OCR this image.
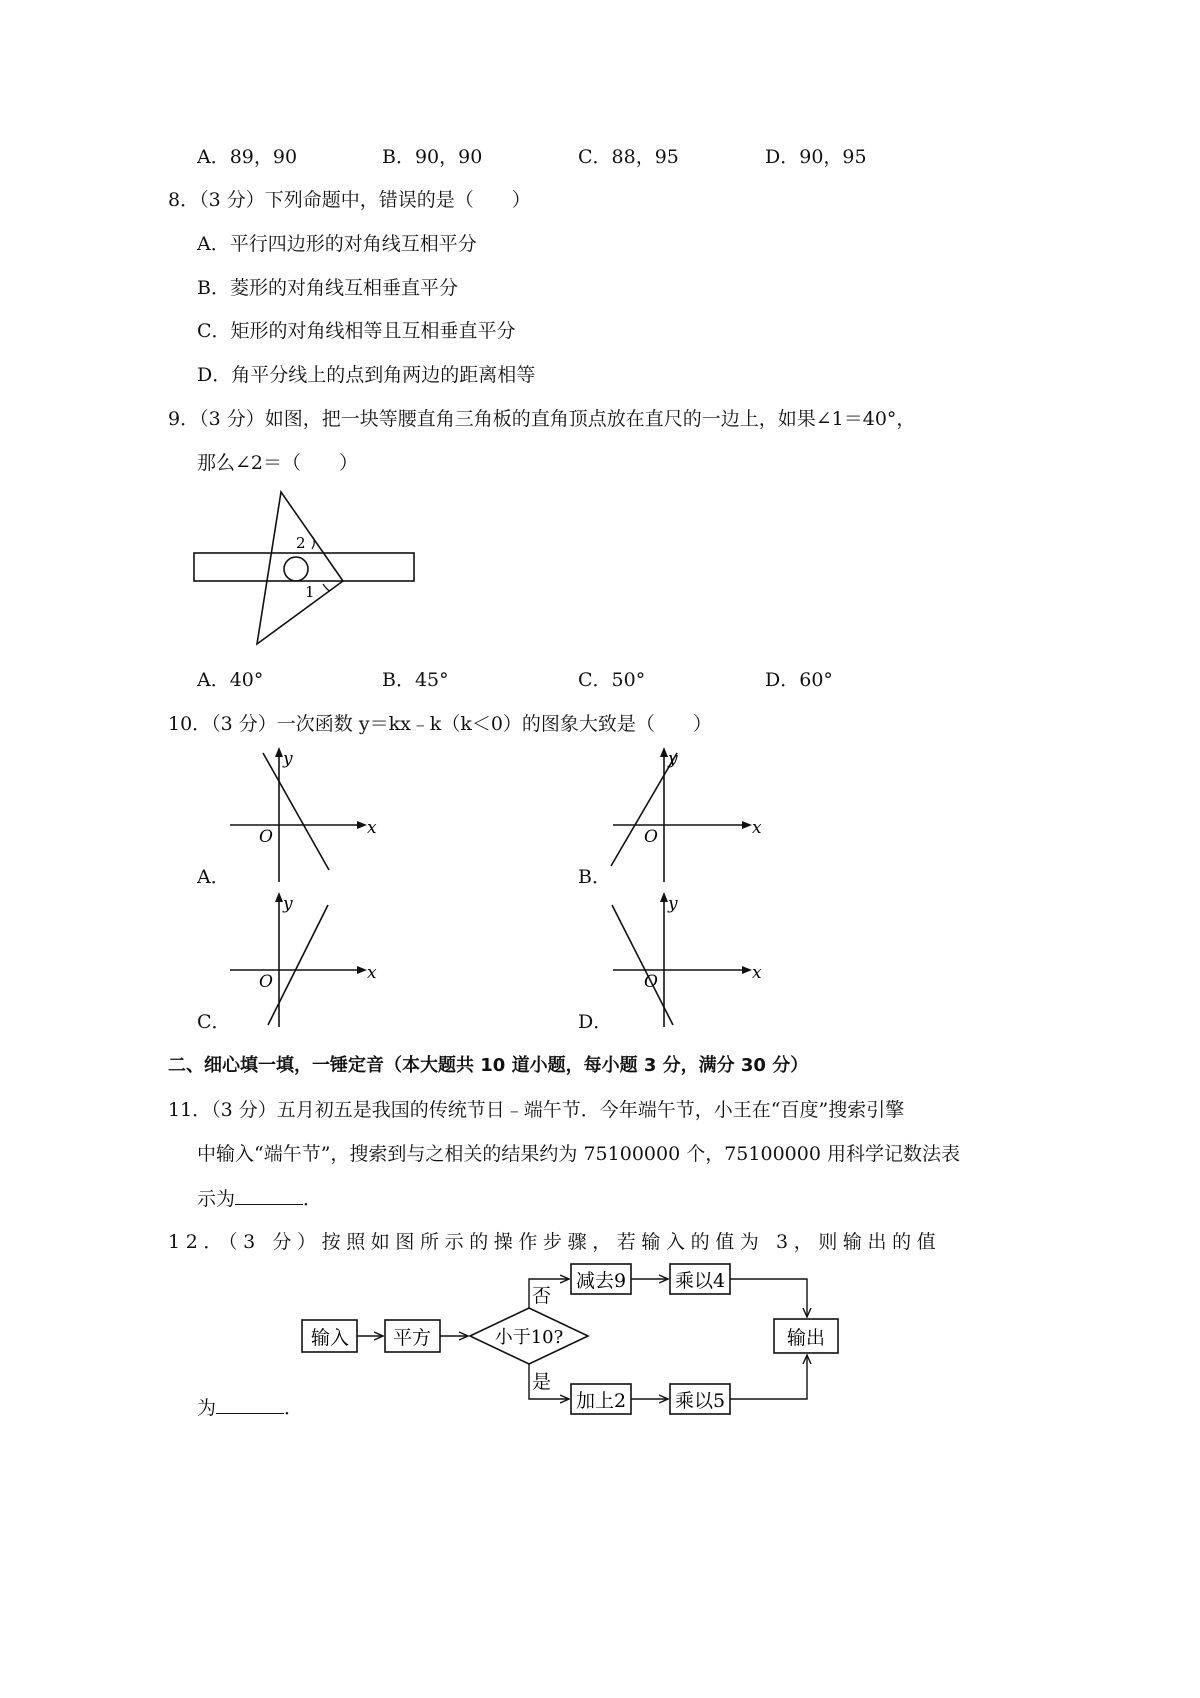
A．89，90	B．90，90	C．88，95	D．90，95
8．（3 分）下列命题中，错误的是（　　）
A．平行四边形的对角线互相平分
B．菱形的对角线互相垂直平分
C．矩形的对角线相等且互相垂直平分
D．角平分线上的点到角两边的距离相等
9．（3 分）如图，把一块等腰直角三角板的直角顶点放在直尺的一边上，如果∠1＝40°，
那么∠2＝（　　）
2
1
A．40°	B．45°	C．50°	D．60°
10．（3 分）一次函数 y＝kx﹣k（k＜0）的图象大致是（　　）
y
x
O
A．
y
x
O
B．
y
x
O
C．
y
x
O
D．
二、细心填一填，一锤定音（本大题共 10 道小题，每小题 3 分，满分 30 分）
11．（3 分）五月初五是我国的传统节日﹣端午节．今年端午节，小王在“百度”搜索引擎
中输入“端午节”，搜索到与之相关的结果约为 75100000 个，75100000 用科学记数法表
示为	．
12．（3 分）按照如图所示的操作步骤，若输入的值为 3，则输出的值
输入 平方	小于10?
否
是
减去9	乘以4
加上2	乘以5
输出
为	．
